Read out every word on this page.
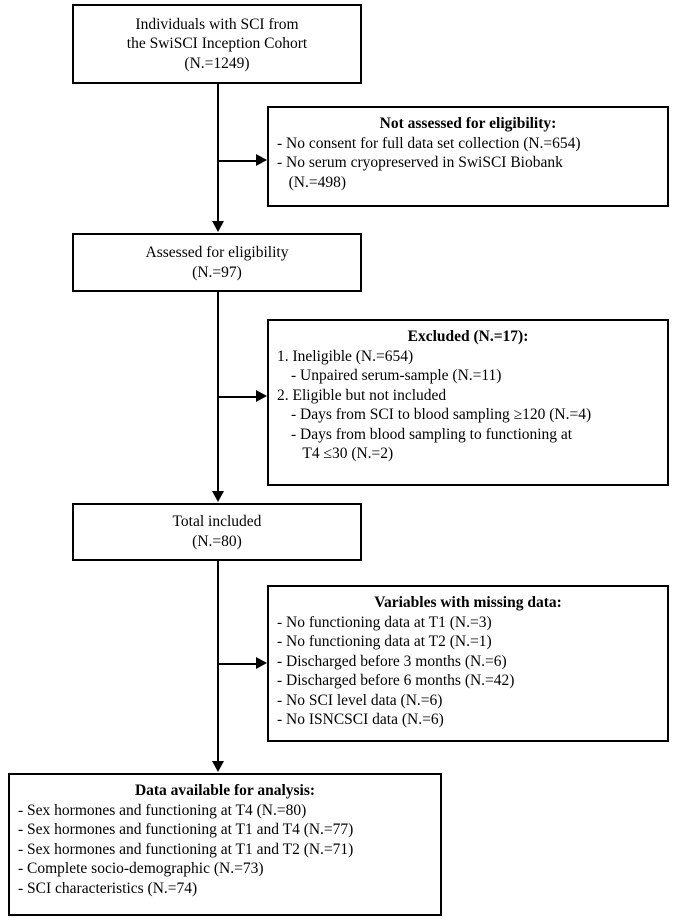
Individuals with SCI from
the SwiSCI Inception Cohort
(N.=1249)
Not assessed for eligibility:
- No consent for full data set collection (N.=654)
- No serum cryopreserved in SwiSCI Biobank
(N.=498)
Assessed for eligibility
(N.=97)
Excluded (N.=17):
1. Ineligible (N.=654)
- Unpaired serum-sample (N.=11)
2. Eligible but not included
- Days from SCI to blood sampling ≥120 (N.=4)
- Days from blood sampling to functioning at
T4 ≤30 (N.=2)
Total included
(N.=80)
Variables with missing data:
- No functioning data at T1 (N.=3)
- No functioning data at T2 (N.=1)
- Discharged before 3 months (N.=6)
- Discharged before 6 months (N.=42)
- No SCI level data (N.=6)
- No ISNCSCI data (N.=6)
Data available for analysis:
- Sex hormones and functioning at T4 (N.=80)
- Sex hormones and functioning at T1 and T4 (N.=77)
- Sex hormones and functioning at T1 and T2 (N.=71)
- Complete socio-demographic (N.=73)
- SCI characteristics (N.=74)
